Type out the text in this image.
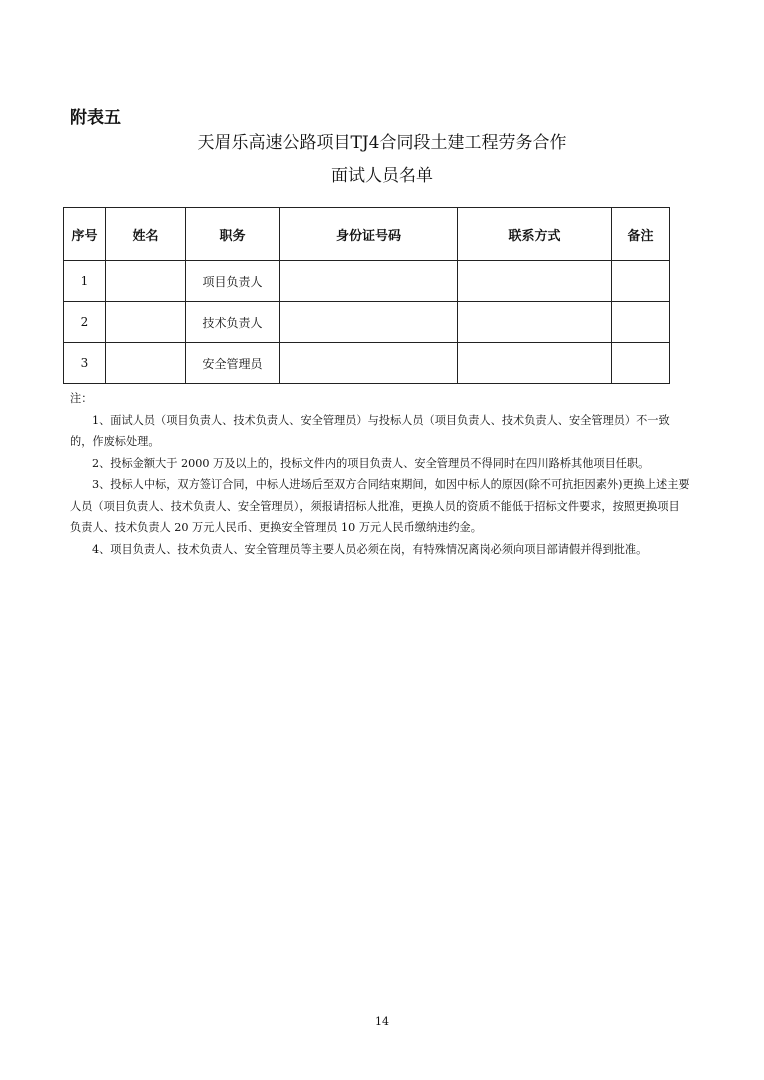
附表五
天眉乐高速公路项目TJ4合同段土建工程劳务合作
面试人员名单
序号	姓名	职务	身份证号码	联系方式	备注
1		项目负责人			
2		技术负责人			
3		安全管理员			

注：

1、面试人员（项目负责人、技术负责人、安全管理员）与投标人员（项目负责人、技术负责人、安全管理员）不一致的，作废标处理。

2、投标金额大于 2000 万及以上的，投标文件内的项目负责人、安全管理员不得同时在四川路桥其他项目任职。

3、投标人中标，双方签订合同，中标人进场后至双方合同结束期间，如因中标人的原因(除不可抗拒因素外)更换上述主要人员（项目负责人、技术负责人、安全管理员），须报请招标人批准，更换人员的资质不能低于招标文件要求，按照更换项目负责人、技术负责人 20 万元人民币、更换安全管理员 10 万元人民币缴纳违约金。

4、项目负责人、技术负责人、安全管理员等主要人员必须在岗，有特殊情况离岗必须向项目部请假并得到批准。

14
